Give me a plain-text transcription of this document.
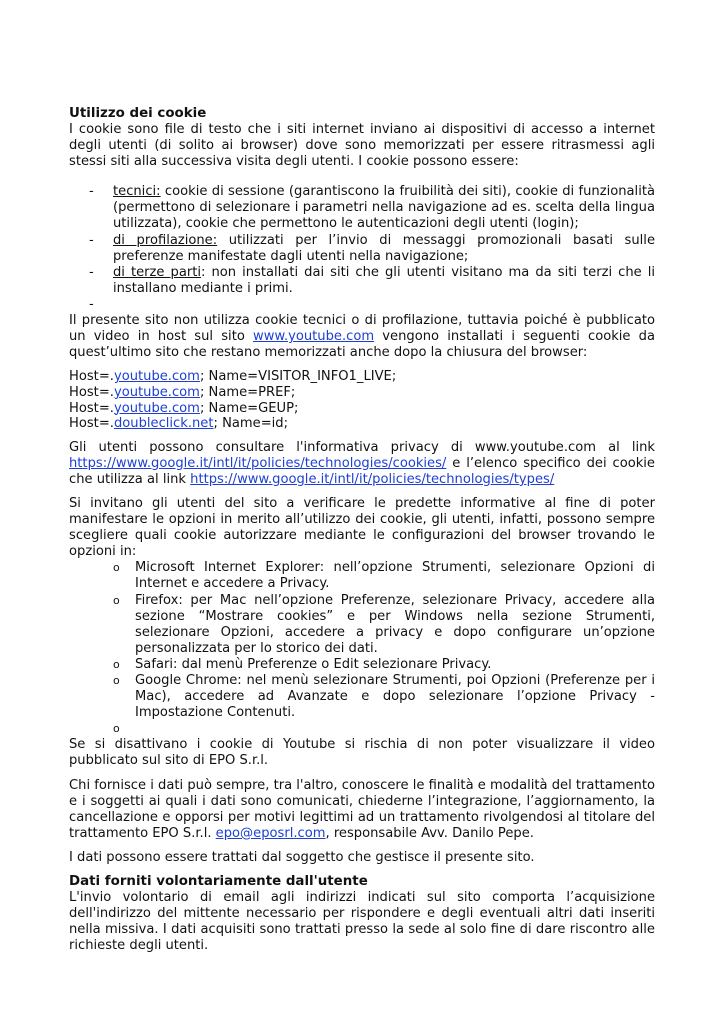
Utilizzo dei cookie

I cookie sono file di testo che i siti internet inviano ai dispositivi di accesso a internet degli utenti (di solito ai browser) dove sono memorizzati per essere ritrasmessi agli stessi siti alla successiva visita degli utenti. I cookie possono essere:

- tecnici: cookie di sessione (garantiscono la fruibilità dei siti), cookie di funzionalità (permettono di selezionare i parametri nella navigazione ad es. scelta della lingua utilizzata), cookie che permettono le autenticazioni degli utenti (login);
- di profilazione: utilizzati per l’invio di messaggi promozionali basati sulle preferenze manifestate dagli utenti nella navigazione;
- di terze parti: non installati dai siti che gli utenti visitano ma da siti terzi che li installano mediante i primi.
-

Il presente sito non utilizza cookie tecnici o di profilazione, tuttavia poiché è pubblicato un video in host sul sito www.youtube.com vengono installati i seguenti cookie da quest’ultimo sito che restano memorizzati anche dopo la chiusura del browser:

Host=.youtube.com; Name=VISITOR_INFO1_LIVE;
Host=.youtube.com; Name=PREF;
Host=.youtube.com; Name=GEUP;
Host=.doubleclick.net; Name=id;

Gli utenti possono consultare l'informativa privacy di www.youtube.com al link https://www.google.it/intl/it/policies/technologies/cookies/ e l’elenco specifico dei cookie che utilizza al link https://www.google.it/intl/it/policies/technologies/types/

Si invitano gli utenti del sito a verificare le predette informative al fine di poter manifestare le opzioni in merito all’utilizzo dei cookie, gli utenti, infatti, possono sempre scegliere quali cookie autorizzare mediante le configurazioni del browser trovando le opzioni in:

o Microsoft Internet Explorer: nell’opzione Strumenti, selezionare Opzioni di Internet e accedere a Privacy.
o Firefox: per Mac nell’opzione Preferenze, selezionare Privacy, accedere alla sezione “Mostrare cookies” e per Windows nella sezione Strumenti, selezionare Opzioni, accedere a privacy e dopo configurare un’opzione personalizzata per lo storico dei dati.
o Safari: dal menù Preferenze o Edit selezionare Privacy.
o Google Chrome: nel menù selezionare Strumenti, poi Opzioni (Preferenze per i Mac), accedere ad Avanzate e dopo selezionare l’opzione Privacy - Impostazione Contenuti.
o

Se si disattivano i cookie di Youtube si rischia di non poter visualizzare il video pubblicato sul sito di EPO S.r.l.

Chi fornisce i dati può sempre, tra l'altro, conoscere le finalità e modalità del trattamento e i soggetti ai quali i dati sono comunicati, chiederne l’integrazione, l’aggiornamento, la cancellazione e opporsi per motivi legittimi ad un trattamento rivolgendosi al titolare del trattamento EPO S.r.l. epo@eposrl.com, responsabile Avv. Danilo Pepe.

I dati possono essere trattati dal soggetto che gestisce il presente sito.

Dati forniti volontariamente dall'utente

L'invio volontario di email agli indirizzi indicati sul sito comporta l’acquisizione dell'indirizzo del mittente necessario per rispondere e degli eventuali altri dati inseriti nella missiva. I dati acquisiti sono trattati presso la sede al solo fine di dare riscontro alle richieste degli utenti.
